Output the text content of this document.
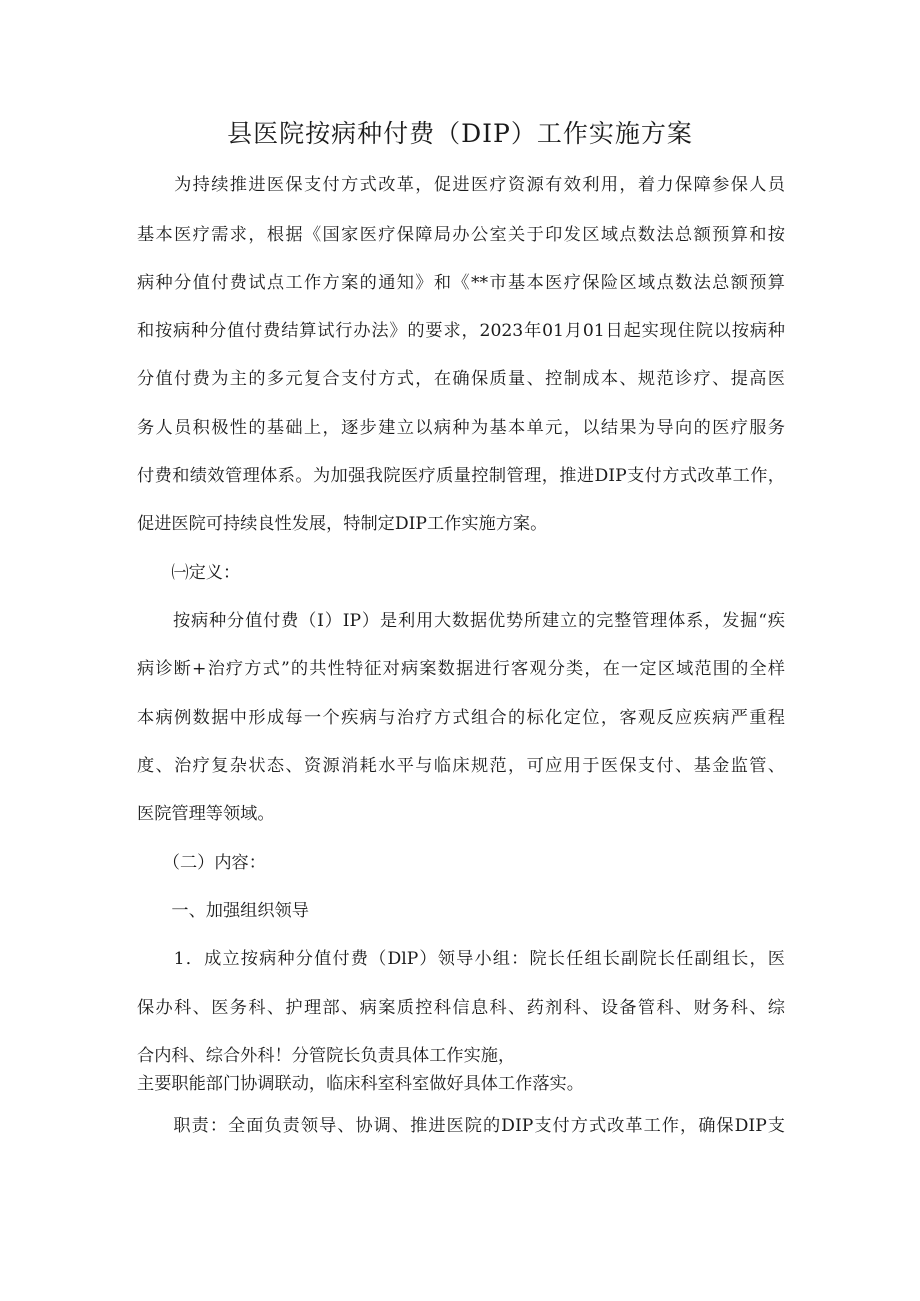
县医院按病种付费（DIP）工作实施方案
　　为持续推进医保支付方式改革，促进医疗资源有效利用，着力保障参保人员
基本医疗需求，根据《国家医疗保障局办公室关于印发区域点数法总额预算和按
病种分值付费试点工作方案的通知》和《**市基本医疗保险区域点数法总额预算
和按病种分值付费结算试行办法》的要求，2023年01月01日起实现住院以按病种
分值付费为主的多元复合支付方式，在确保质量、控制成本、规范诊疗、提高医
务人员积极性的基础上，逐步建立以病种为基本单元，以结果为导向的医疗服务
付费和绩效管理体系。为加强我院医疗质量控制管理，推进DIP支付方式改革工作，
促进医院可持续良性发展，特制定DIP工作实施方案。
　　㈠定义：
　　按病种分值付费（I）IP）是利用大数据优势所建立的完整管理体系，发掘“疾
病诊断+治疗方式”的共性特征对病案数据进行客观分类，在一定区域范围的全样
本病例数据中形成每一个疾病与治疗方式组合的标化定位，客观反应疾病严重程
度、治疗复杂状态、资源消耗水平与临床规范，可应用于医保支付、基金监管、
医院管理等领域。
　　（二）内容：
　　一、加强组织领导
　　1．成立按病种分值付费（DlP）领导小组：院长任组长副院长任副组长，医
保办科、医务科、护理部、病案质控科信息科、药剂科、设备管科、财务科、综
合内科、综合外科！分管院长负责具体工作实施，
主要职能部门协调联动，临床科室科室做好具体工作落实。
　　职责：全面负责领导、协调、推进医院的DIP支付方式改革工作，确保DIP支
